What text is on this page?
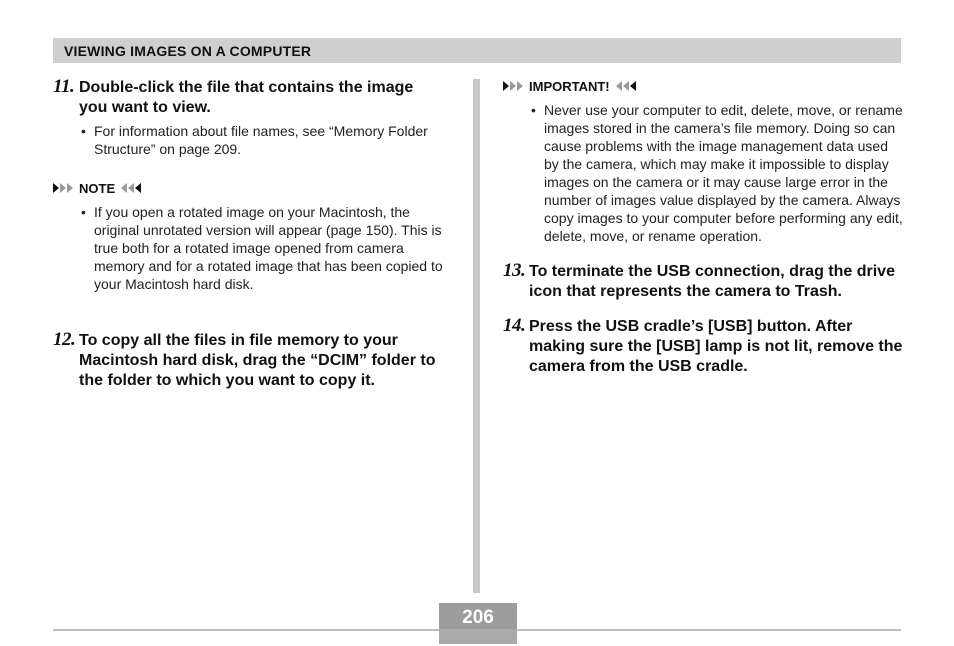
VIEWING IMAGES ON A COMPUTER
11. Double-click the file that contains the image you want to view.
• For information about file names, see “Memory Folder Structure” on page 209.
NOTE
• If you open a rotated image on your Macintosh, the original unrotated version will appear (page 150). This is true both for a rotated image opened from camera memory and for a rotated image that has been copied to your Macintosh hard disk.
12. To copy all the files in file memory to your Macintosh hard disk, drag the “DCIM” folder to the folder to which you want to copy it.
IMPORTANT!
• Never use your computer to edit, delete, move, or rename images stored in the camera’s file memory. Doing so can cause problems with the image management data used by the camera, which may make it impossible to display images on the camera or it may cause large error in the number of images value displayed by the camera. Always copy images to your computer before performing any edit, delete, move, or rename operation.
13. To terminate the USB connection, drag the drive icon that represents the camera to Trash.
14. Press the USB cradle’s [USB] button. After making sure the [USB] lamp is not lit, remove the camera from the USB cradle.
206
